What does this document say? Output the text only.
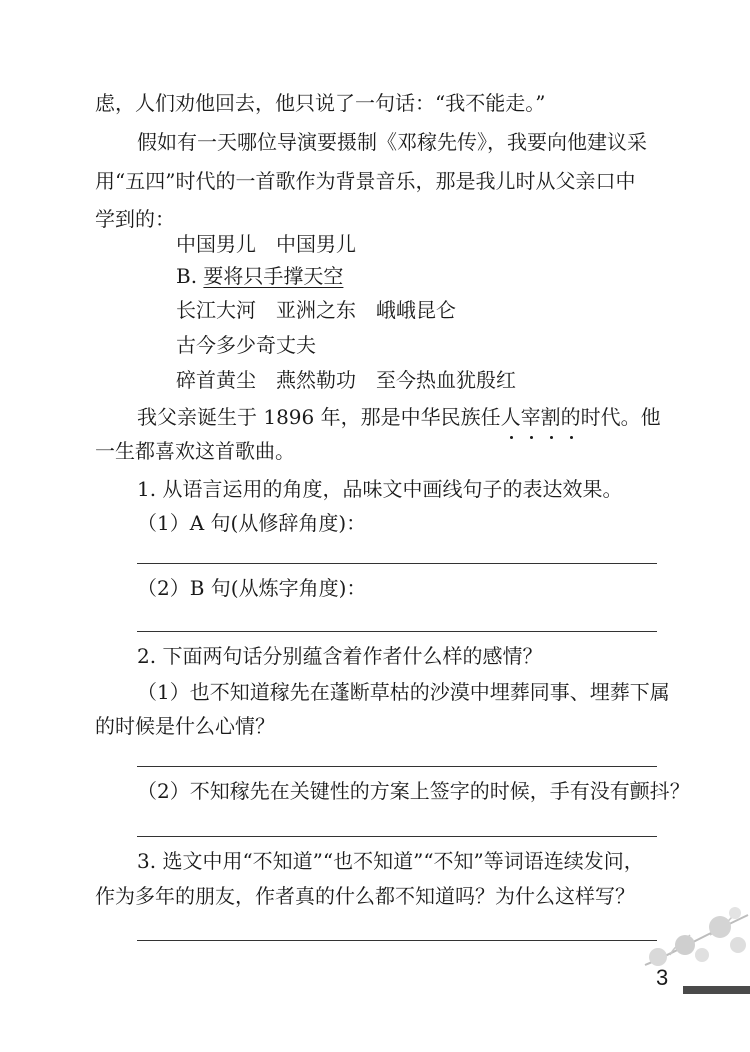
虑，人们劝他回去，他只说了一句话：“我不能走。”
假如有一天哪位导演要摄制《邓稼先传》，我要向他建议采
用“五四”时代的一首歌作为背景音乐，那是我儿时从父亲口中
学到的：
中国男儿　中国男儿
B. 要将只手撑天空
长江大河　亚洲之东　峨峨昆仑
古今多少奇丈夫
碎首黄尘　燕然勒功　至今热血犹殷红
我父亲诞生于 1896 年，那是中华民族任人宰割
的时代。他
一生都喜欢这首歌曲。
1. 从语言运用的角度，品味文中画线句子的表达效果。
（1）A 句(从修辞角度)：
（2）B 句(从炼字角度)：
2. 下面两句话分别蕴含着作者什么样的感情？
（1）也不知道稼先在蓬断草枯的沙漠中埋葬同事、埋葬下属
的时候是什么心情？
（2）不知稼先在关键性的方案上签字的时候，手有没有颤抖？
3. 选文中用“不知道”“也不知道”“不知”等词语连续发问，
作为多年的朋友，作者真的什么都不知道吗？为什么这样写？
3
